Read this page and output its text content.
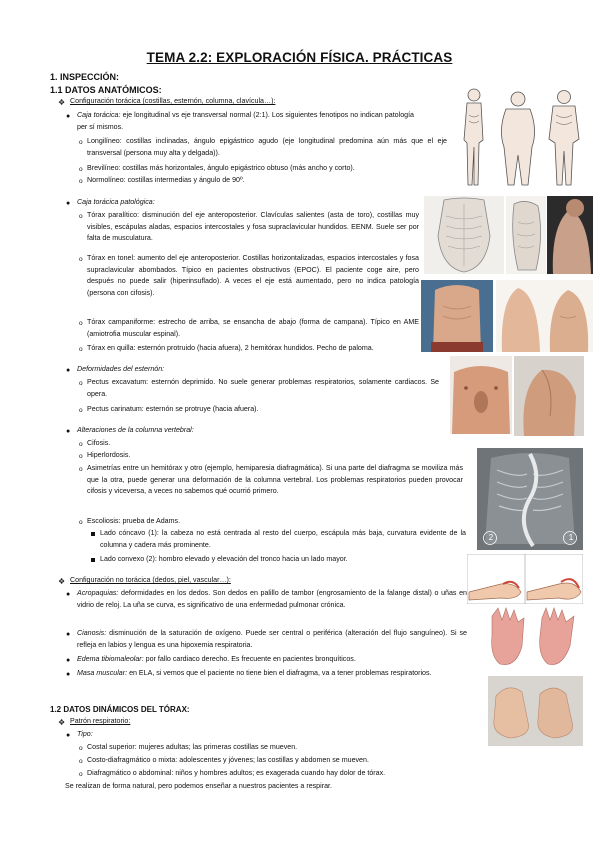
TEMA 2.2: EXPLORACIÓN FÍSICA. PRÁCTICAS
1. INSPECCIÓN:
1.1 DATOS ANATÓMICOS:
❖ Configuración torácica (costillas, esternón, columna, clavícula…):
● Caja torácica: eje longitudinal vs eje transversal normal (2:1). Los siguientes fenotipos no indican patología per sí mismos.
o Longilíneo: costillas inclinadas, ángulo epigástrico agudo (eje longitudinal predomina aún más que el eje transversal (persona muy alta y delgada)).
o Brevilíneo: costillas más horizontales, ángulo epigástrico obtuso (más ancho y corto).
o Normolíneo: costillas intermedias y ángulo de 90º.
● Caja torácica patológica:
o Tórax paralítico: disminución del eje anteroposterior. Clavículas salientes (asta de toro), costillas muy visibles, escápulas aladas, espacios intercostales y fosa supraclavicular hundidos. EENM. Suele ser por falta de musculatura.
o Tórax en tonel: aumento del eje anteroposterior. Costillas horizontalizadas, espacios intercostales y fosa supraclavicular abombados. Típico en pacientes obstructivos (EPOC). El paciente coge aire, pero después no puede salir (hiperinsuflado). A veces el eje está aumentado, pero no indica patología (persona con cifosis).
o Tórax campaniforme: estrecho de arriba, se ensancha de abajo (forma de campana). Típico en AME (amiotrofia muscular espinal).
o Tórax en quilla: esternón protruido (hacia afuera), 2 hemitórax hundidos. Pecho de paloma.
● Deformidades del esternón:
o Pectus excavatum: esternón deprimido. No suele generar problemas respiratorios, solamente cardiacos. Se opera.
o Pectus carinatum: esternón se protruye (hacia afuera).
● Alteraciones de la columna vertebral:
o Cifosis.
o Hiperlordosis.
o Asimetrías entre un hemitórax y otro (ejemplo, hemiparesia diafragmática). Si una parte del diafragma se moviliza más que la otra, puede generar una deformación de la columna vertebral. Los problemas respiratorios pueden provocar cifosis y viceversa, a veces no sabemos qué ocurrió primero.
o Escoliosis: prueba de Adams.
Lado cóncavo (1): la cabeza no está centrada al resto del cuerpo, escápula más baja, curvatura evidente de la columna y cadera más prominente.
Lado convexo (2): hombro elevado y elevación del tronco hacia un lado mayor.
❖ Configuración no torácica (dedos, piel, vascular…):
● Acropaquias: deformidades en los dedos. Son dedos en palillo de tambor (engrosamiento de la falange distal) o uñas en vidrio de reloj. La uña se curva, es significativo de una enfermedad pulmonar crónica.
● Cianosis: disminución de la saturación de oxígeno. Puede ser central o periférica (alteración del flujo sanguíneo). Si se refleja en labios y lengua es una hipoxemia respiratoria.
● Edema tibiomaleolar: por fallo cardiaco derecho. Es frecuente en pacientes bronquíticos.
● Masa muscular: en ELA, si vemos que el paciente no tiene bien el diafragma, va a tener problemas respiratorios.
1.2 DATOS DINÁMICOS DEL TÓRAX:
❖ Patrón respiratorio:
● Tipo:
o Costal superior: mujeres adultas; las primeras costillas se mueven.
o Costo-diafragmático o mixta: adolescentes y jóvenes; las costillas y abdomen se mueven.
o Diafragmático o abdominal: niños y hombres adultos; es exagerada cuando hay dolor de tórax.
Se realizan de forma natural, pero podemos enseñar a nuestros pacientes a respirar.
2	1
